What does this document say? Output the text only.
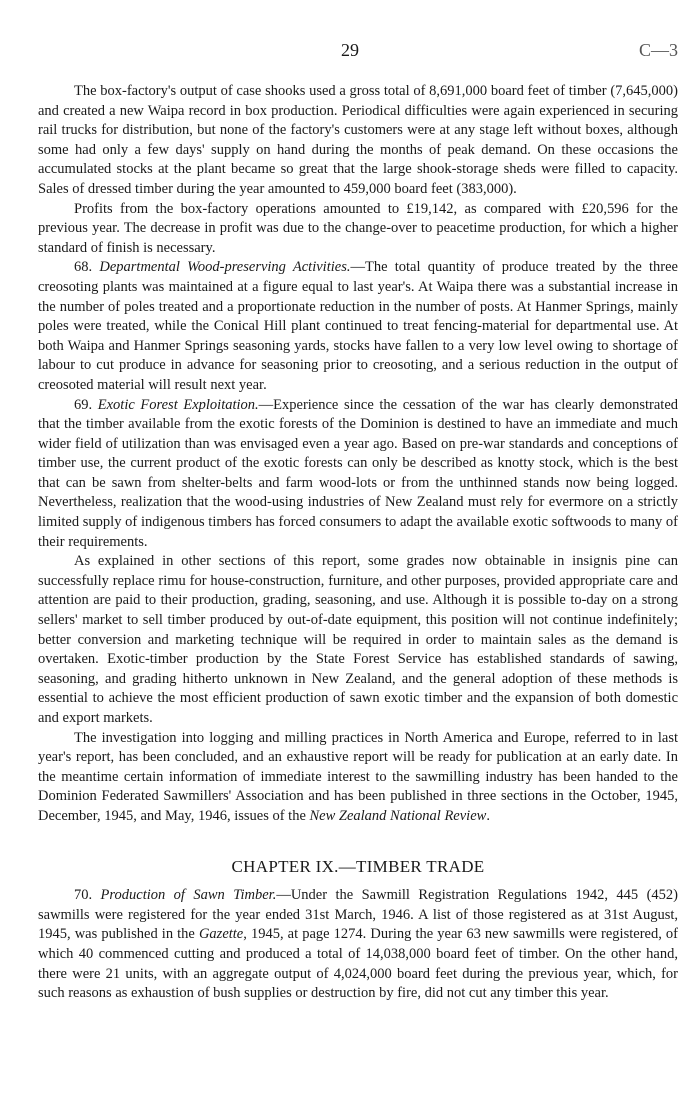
29	C—3

The box-factory's output of case shooks used a gross total of 8,691,000 board feet of timber (7,645,000) and created a new Waipa record in box production. Periodical difficulties were again experienced in securing rail trucks for distribution, but none of the factory's customers were at any stage left without boxes, although some had only a few days' supply on hand during the months of peak demand. On these occasions the accumulated stocks at the plant became so great that the large shook-storage sheds were filled to capacity. Sales of dressed timber during the year amounted to 459,000 board feet (383,000).

Profits from the box-factory operations amounted to £19,142, as compared with £20,596 for the previous year. The decrease in profit was due to the change-over to peacetime production, for which a higher standard of finish is necessary.

68. Departmental Wood-preserving Activities.—The total quantity of produce treated by the three creosoting plants was maintained at a figure equal to last year's. At Waipa there was a substantial increase in the number of poles treated and a proportionate reduction in the number of posts. At Hanmer Springs, mainly poles were treated, while the Conical Hill plant continued to treat fencing-material for departmental use. At both Waipa and Hanmer Springs seasoning yards, stocks have fallen to a very low level owing to shortage of labour to cut produce in advance for seasoning prior to creosoting, and a serious reduction in the output of creosoted material will result next year.

69. Exotic Forest Exploitation.—Experience since the cessation of the war has clearly demonstrated that the timber available from the exotic forests of the Dominion is destined to have an immediate and much wider field of utilization than was envisaged even a year ago. Based on pre-war standards and conceptions of timber use, the current product of the exotic forests can only be described as knotty stock, which is the best that can be sawn from shelter-belts and farm wood-lots or from the unthinned stands now being logged. Nevertheless, realization that the wood-using industries of New Zealand must rely for evermore on a strictly limited supply of indigenous timbers has forced consumers to adapt the available exotic softwoods to many of their requirements.

As explained in other sections of this report, some grades now obtainable in insignis pine can successfully replace rimu for house-construction, furniture, and other purposes, provided appropriate care and attention are paid to their production, grading, seasoning, and use. Although it is possible to-day on a strong sellers' market to sell timber produced by out-of-date equipment, this position will not continue indefinitely; better conversion and marketing technique will be required in order to maintain sales as the demand is overtaken. Exotic-timber production by the State Forest Service has established standards of sawing, seasoning, and grading hitherto unknown in New Zealand, and the general adoption of these methods is essential to achieve the most efficient production of sawn exotic timber and the expansion of both domestic and export markets.

The investigation into logging and milling practices in North America and Europe, referred to in last year's report, has been concluded, and an exhaustive report will be ready for publication at an early date. In the meantime certain information of immediate interest to the sawmilling industry has been handed to the Dominion Federated Sawmillers' Association and has been published in three sections in the October, 1945, December, 1945, and May, 1946, issues of the New Zealand National Review.

CHAPTER IX.—TIMBER TRADE

70. Production of Sawn Timber.—Under the Sawmill Registration Regulations 1942, 445 (452) sawmills were registered for the year ended 31st March, 1946. A list of those registered as at 31st August, 1945, was published in the Gazette, 1945, at page 1274. During the year 63 new sawmills were registered, of which 40 commenced cutting and produced a total of 14,038,000 board feet of timber. On the other hand, there were 21 units, with an aggregate output of 4,024,000 board feet during the previous year, which, for such reasons as exhaustion of bush supplies or destruction by fire, did not cut any timber this year.
